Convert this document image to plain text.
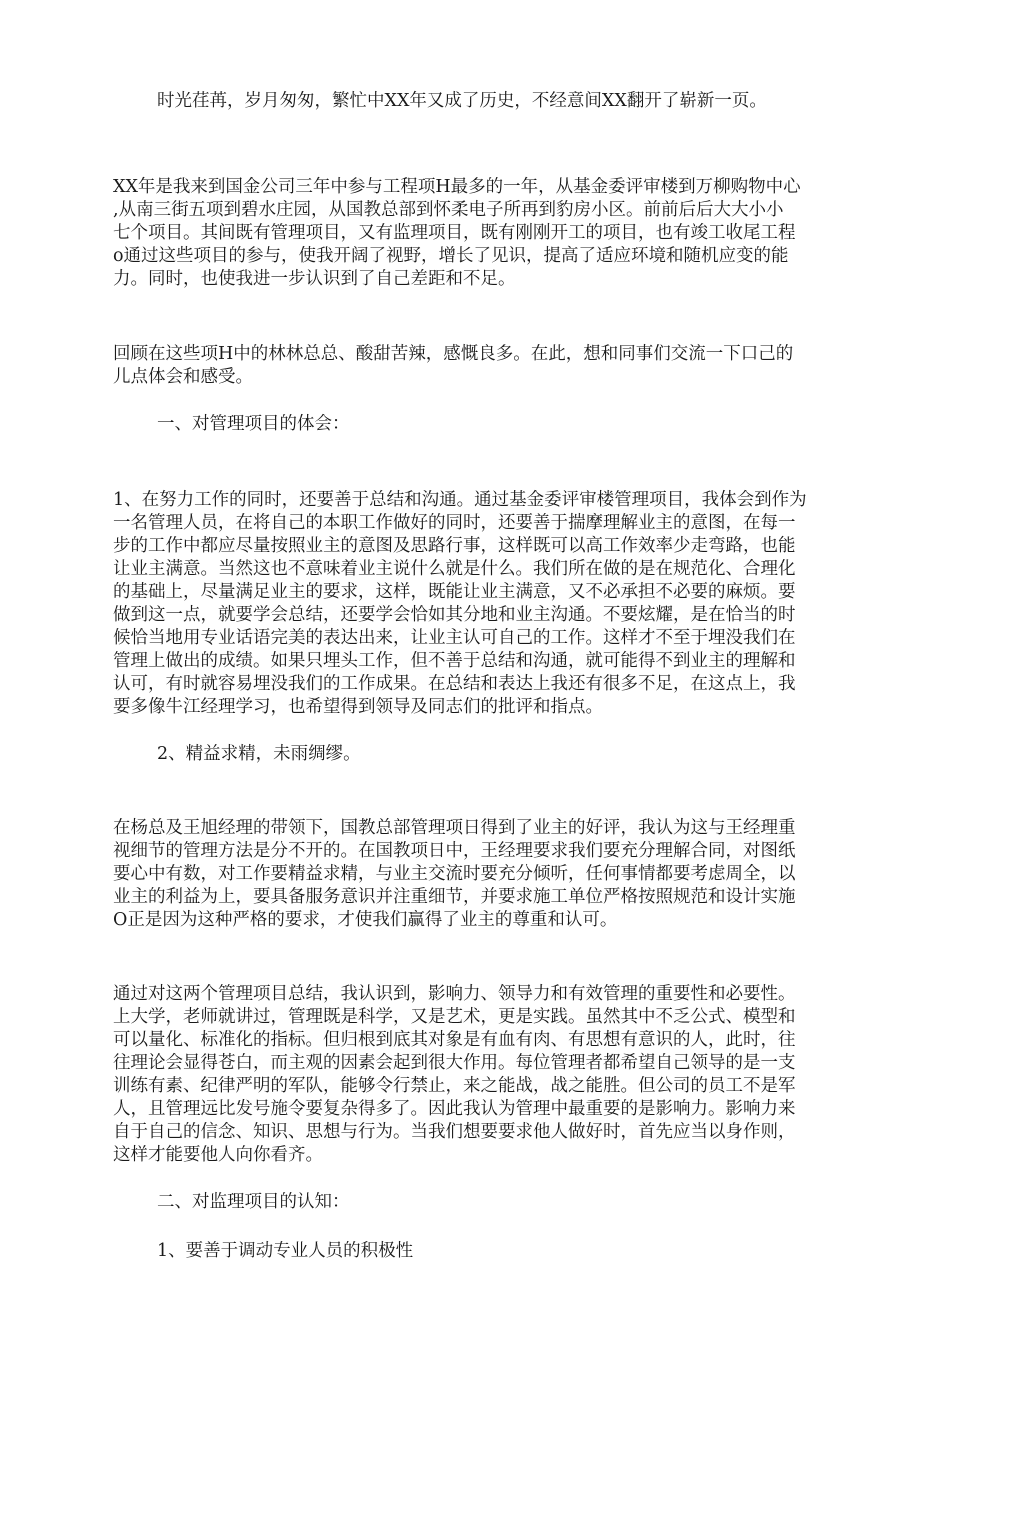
时光荏苒，岁月匆匆，繁忙中XX年又成了历史，不经意间XX翻开了崭新一页。
XX年是我来到国金公司三年中参与工程项H最多的一年，从基金委评审楼到万柳购物中心
,从南三街五项到碧水庄园，从国教总部到怀柔电子所再到豹房小区。前前后后大大小小
七个项目。其间既有管理项目，又有监理项目，既有刚刚开工的项目，也有竣工收尾工程
o通过这些项目的参与，使我开阔了视野，增长了见识，提高了适应环境和随机应变的能
力。同时，也使我进一步认识到了自己差距和不足。
回顾在这些项H中的林林总总、酸甜苦辣，感慨良多。在此，想和同事们交流一下口己的
儿点体会和感受。
一、对管理项目的体会：
1、在努力工作的同时，还要善于总结和沟通。通过基金委评审楼管理项目，我体会到作为
一名管理人员，在将自己的本职工作做好的同时，还要善于揣摩理解业主的意图，在每一
步的工作中都应尽量按照业主的意图及思路行事，这样既可以高工作效率少走弯路，也能
让业主满意。当然这也不意味着业主说什么就是什么。我们所在做的是在规范化、合理化
的基础上，尽量满足业主的要求，这样，既能让业主满意，又不必承担不必要的麻烦。要
做到这一点，就要学会总结，还要学会恰如其分地和业主沟通。不要炫耀，是在恰当的时
候恰当地用专业话语完美的表达出来，让业主认可自己的工作。这样才不至于埋没我们在
管理上做出的成绩。如果只埋头工作，但不善于总结和沟通，就可能得不到业主的理解和
认可，有时就容易埋没我们的工作成果。在总结和表达上我还有很多不足，在这点上，我
要多像牛江经理学习，也希望得到领导及同志们的批评和指点。
2、精益求精，未雨绸缪。
在杨总及王旭经理的带领下，国教总部管理项日得到了业主的好评，我认为这与王经理重
视细节的管理方法是分不开的。在国教项日中，王经理要求我们要充分理解合同，对图纸
要心中有数，对工作要精益求精，与业主交流时要充分倾听，任何事情都要考虑周全，以
业主的利益为上，要具备服务意识并注重细节，并要求施工单位严格按照规范和设计实施
O正是因为这种严格的要求，才使我们赢得了业主的尊重和认可。
通过对这两个管理项目总结，我认识到，影响力、领导力和有效管理的重要性和必要性。
上大学，老师就讲过，管理既是科学，又是艺术，更是实践。虽然其中不乏公式、模型和
可以量化、标准化的指标。但归根到底其对象是有血有肉、有思想有意识的人，此时，往
往理论会显得苍白，而主观的因素会起到很大作用。每位管理者都希望自己领导的是一支
训练有素、纪律严明的军队，能够令行禁止，来之能战，战之能胜。但公司的员工不是军
人，且管理远比发号施令要复杂得多了。因此我认为管理中最重要的是影响力。影响力来
自于自己的信念、知识、思想与行为。当我们想要要求他人做好时，首先应当以身作则，
这样才能要他人向你看齐。
二、对监理项目的认知：
1、要善于调动专业人员的积极性
